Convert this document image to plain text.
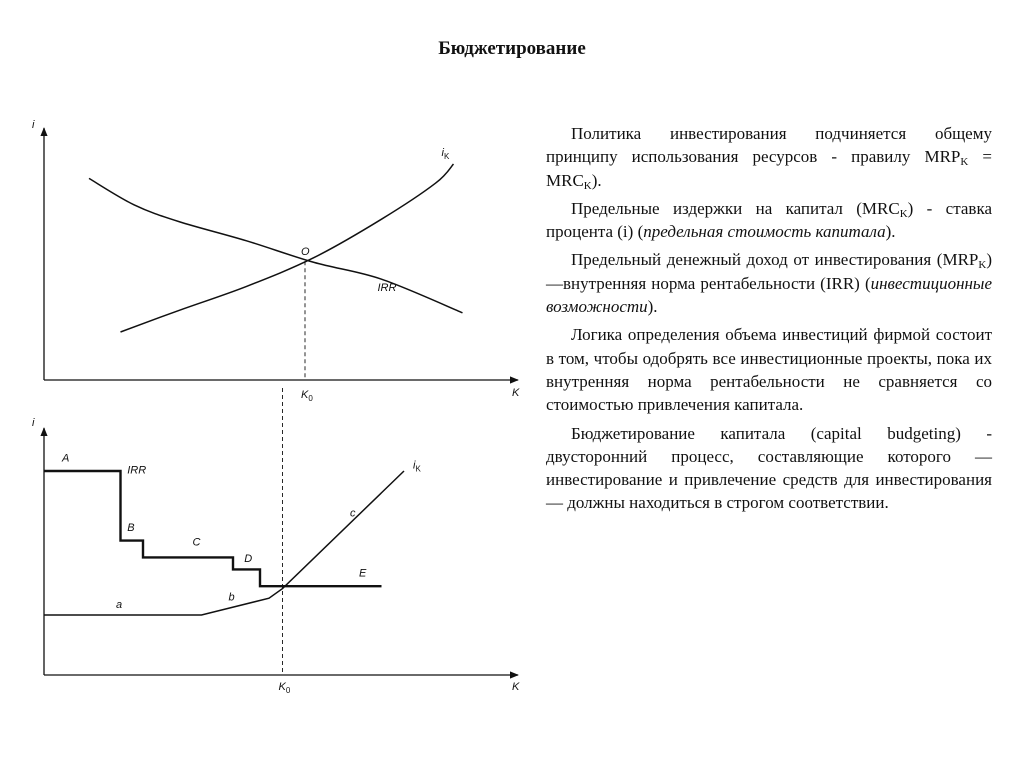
Бюджетирование
i
K
O
$i_K$
IRR
$K_0$
i
K
A
IRR
B
C
D
E
a
b
c
$i_K$
$K_0$

Политика инвестирования подчиняется общему принципу использования ресурсов - правилу $MRP_K = MRC_K$).

Предельные издержки на капитал $(MRC_K)$ - ставка процента (i) (предельная стоимость капитала).

Предельный денежный доход от инвестирования $(MRP_K)$ —внутренняя норма рентабельности (IRR) (инвестиционные возможности).

Логика определения объема инвестиций фирмой состоит в том, чтобы одобрять все инвестиционные проекты, пока их внутренняя норма рентабельности не сравняется со стоимостью привлечения капитала.

Бюджетирование капитала (capital budgeting) - двусторонний процесс, составляющие которого — инвестирование и привлечение средств для инвестирования — должны находиться в строгом соответствии.
